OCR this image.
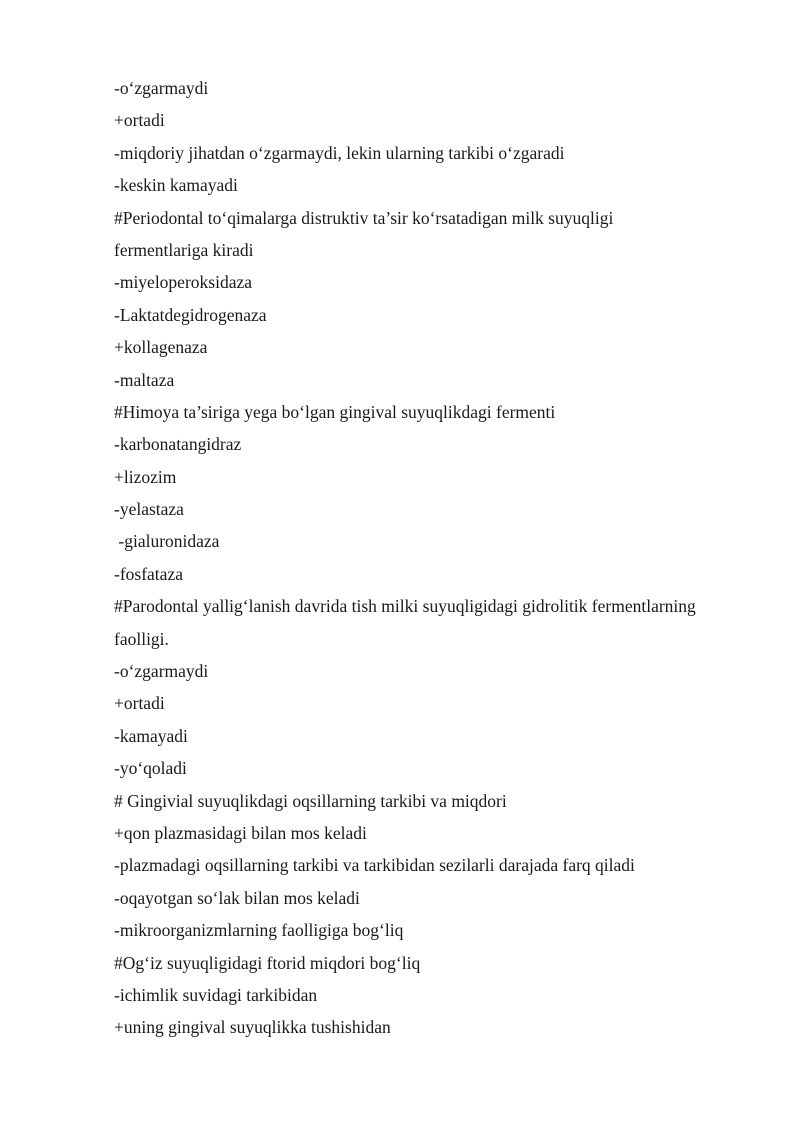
-o‘zgarmaydi
+ortadi
-miqdoriy jihatdan o‘zgarmaydi, lekin ularning tarkibi o‘zgaradi
-keskin kamayadi
#Periodontal to‘qimalarga distruktiv ta’sir ko‘rsatadigan milk suyuqligi
fermentlariga kiradi
-miyeloperoksidaza
-Laktatdegidrogenaza
+kollagenaza
-maltaza
#Himoya ta’siriga yega bo‘lgan gingival suyuqlikdagi fermenti
-karbonatangidraz
+lizozim
-yelastaza
-gialuronidaza
-fosfataza
#Parodontal yallig‘lanish davrida tish milki suyuqligidagi gidrolitik fermentlarning
faolligi.
-o‘zgarmaydi
+ortadi
-kamayadi
-yo‘qoladi
# Gingivial suyuqlikdagi oqsillarning tarkibi va miqdori
+qon plazmasidagi bilan mos keladi
-plazmadagi oqsillarning tarkibi va tarkibidan sezilarli darajada farq qiladi
-oqayotgan so‘lak bilan mos keladi
-mikroorganizmlarning faolligiga bog‘liq
#Og‘iz suyuqligidagi ftorid miqdori bog‘liq
-ichimlik suvidagi tarkibidan
+uning gingival suyuqlikka tushishidan
